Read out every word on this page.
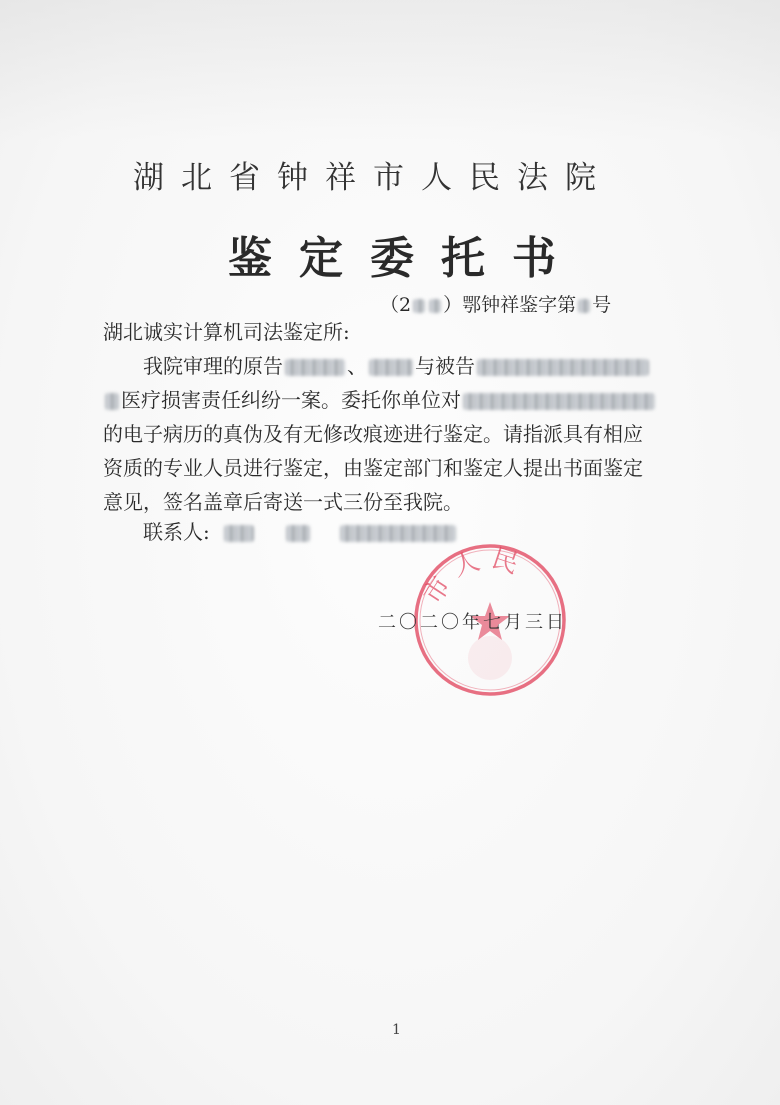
湖北省钟祥市人民法院
鉴定委托书
（2 ）鄂钟祥鉴字第 号
湖北诚实计算机司法鉴定所:
我院审理的原告	、 与被告
医疗损害责任纠纷一案。委托你单位对
的电子病历的真伪及有无修改痕迹进行鉴定。请指派具有相应
资质的专业人员进行鉴定，由鉴定部门和鉴定人提出书面鉴定
意见，签名盖章后寄送一式三份至我院。
联系人:
市人民
二〇二〇年七月三日
1
